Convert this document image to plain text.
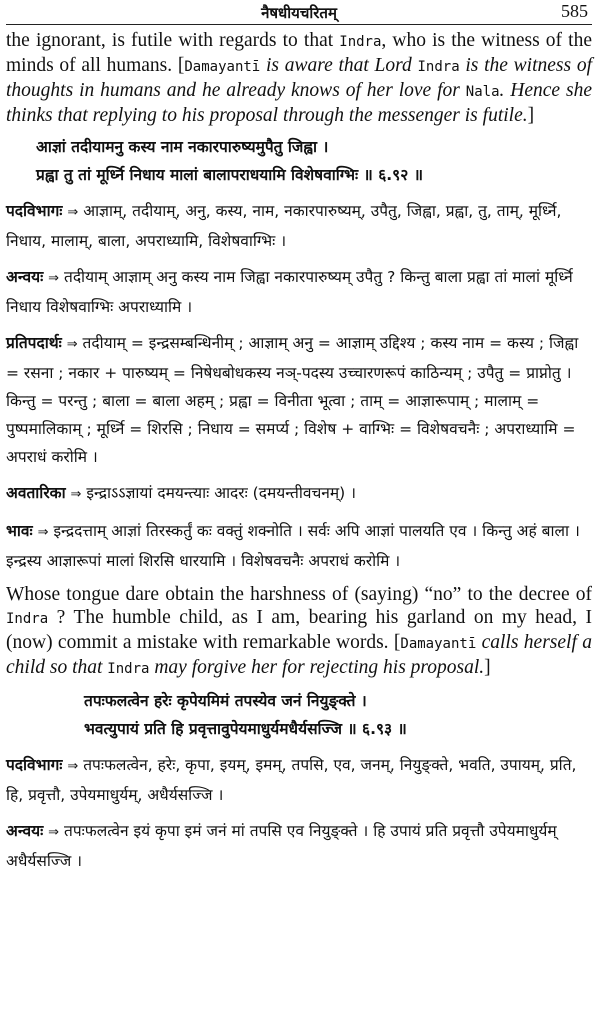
नैषधीयचरितम्	585

the ignorant, is futile with regards to that Indra, who is the witness of the minds of all humans. [Damayantī is aware that Lord Indra is the witness of thoughts in humans and he already knows of her love for Nala. Hence she thinks that replying to his proposal through the messenger is futile.]

आज्ञां तदीयामनु कस्य नाम नकारपारुष्यमुपैतु जिह्वा ।

प्रह्वा तु तां मूर्ध्नि निधाय मालां बालापराधयामि विशेषवाग्भिः ॥ ६.९२ ॥

पदविभागः ⇒ आज्ञाम्, तदीयाम्, अनु, कस्य, नाम, नकारपारुष्यम्, उपैतु, जिह्वा, प्रह्वा, तु, ताम्, मूर्ध्नि, निधाय, मालाम्, बाला, अपराध्यामि, विशेषवाग्भिः ।

अन्वयः ⇒ तदीयाम् आज्ञाम् अनु कस्य नाम जिह्वा नकारपारुष्यम् उपैतु ? किन्तु बाला प्रह्वा तां मालां मूर्ध्नि निधाय विशेषवाग्भिः अपराध्यामि ।

प्रतिपदार्थः ⇒ तदीयाम् = इन्द्रसम्बन्धिनीम् ; आज्ञाम् अनु = आज्ञाम् उद्दिश्य ; कस्य नाम = कस्य ; जिह्वा = रसना ; नकार + पारुष्यम् = निषेधबोधकस्य नञ्-पदस्य उच्चारणरूपं काठिन्यम् ; उपैतु = प्राप्नोतु । किन्तु = परन्तु ; बाला = बाला अहम् ; प्रह्वा = विनीता भूत्वा ; ताम् = आज्ञारूपाम् ; मालाम् = पुष्पमालिकाम् ; मूर्ध्नि = शिरसि ; निधाय = समर्प्य ; विशेष + वाग्भिः = विशेषवचनैः ; अपराध्यामि = अपराधं करोमि ।

अवतारिका ⇒ इन्द्राऽऽज्ञायां दमयन्त्याः आदरः (दमयन्तीवचनम्) ।

भावः ⇒ इन्द्रदत्ताम् आज्ञां तिरस्कर्तुं कः वक्तुं शक्नोति । सर्वः अपि आज्ञां पालयति एव । किन्तु अहं बाला । इन्द्रस्य आज्ञारूपां मालां शिरसि धारयामि । विशेषवचनैः अपराधं करोमि ।

Whose tongue dare obtain the harshness of (saying) “no” to the decree of Indra ? The humble child, as I am, bearing his garland on my head, I (now) commit a mistake with remarkable words. [Damayantī calls herself a child so that Indra may forgive her for rejecting his proposal.]

तपःफलत्वेन हरेः कृपेयमिमं तपस्येव जनं नियुङ्क्ते ।

भवत्युपायं प्रति हि प्रवृत्तावुपेयमाधुर्यमधैर्यसज्जि ॥ ६.९३ ॥

पदविभागः ⇒ तपःफलत्वेन, हरेः, कृपा, इयम्, इमम्, तपसि, एव, जनम्, नियुङ्क्ते, भवति, उपायम्, प्रति, हि, प्रवृत्तौ, उपेयमाधुर्यम्, अधैर्यसज्जि ।

अन्वयः ⇒ तपःफलत्वेन इयं कृपा इमं जनं मां तपसि एव नियुङ्क्ते । हि उपायं प्रति प्रवृत्तौ उपेयमाधुर्यम् अधैर्यसज्जि ।
